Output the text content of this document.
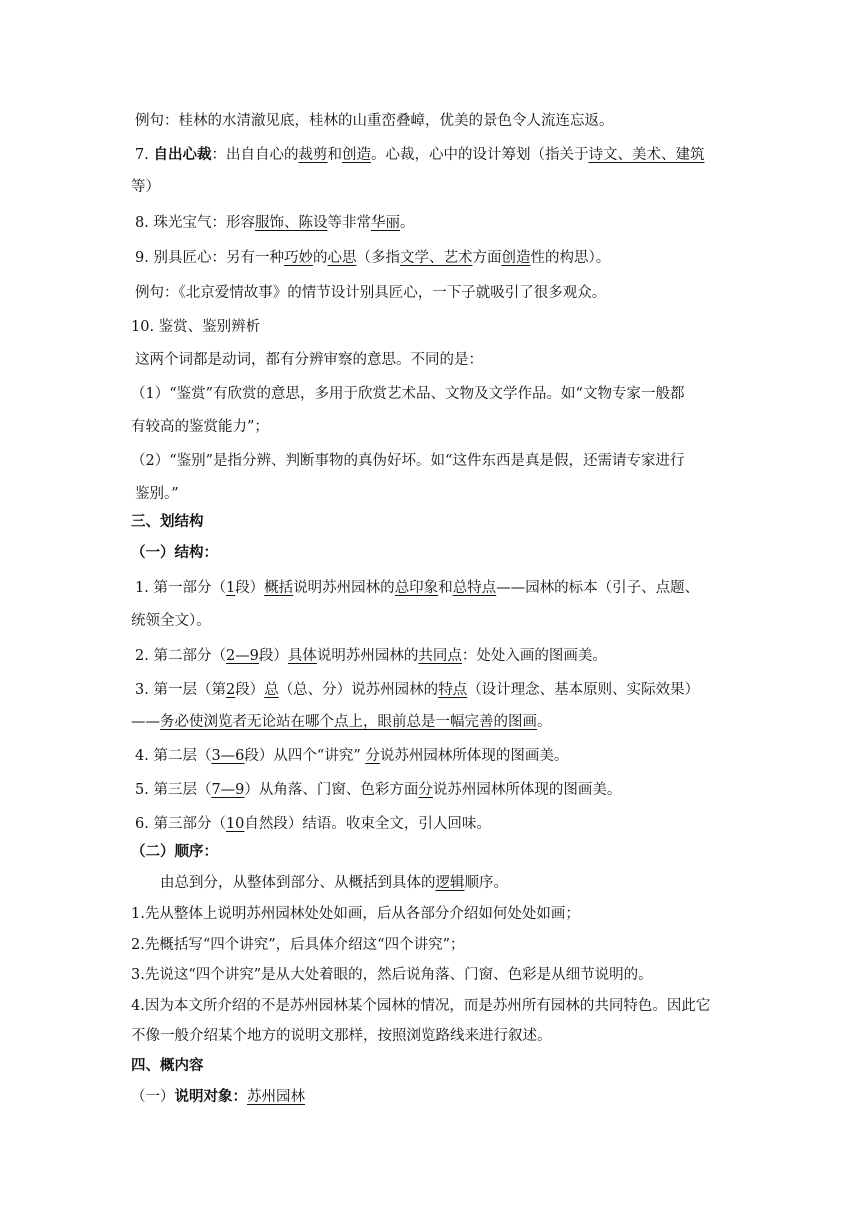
例句：桂林的水清澈见底，桂林的山重峦叠嶂，优美的景色令人流连忘返。
7. 自出心裁：出自自心的裁剪和创造。心裁，心中的设计筹划（指关于诗文、美术、建筑
等）
8. 珠光宝气：形容服饰、陈设等非常华丽。
9. 别具匠心：另有一种巧妙的心思（多指文学、艺术方面创造性的构思）。
例句：《北京爱情故事》的情节设计别具匠心，一下子就吸引了很多观众。
10. 鉴赏、鉴别辨析
这两个词都是动词，都有分辨审察的意思。不同的是：
（1）“鉴赏”有欣赏的意思，多用于欣赏艺术品、文物及文学作品。如“文物专家一般都
有较高的鉴赏能力”；
（2）“鉴别”是指分辨、判断事物的真伪好坏。如“这件东西是真是假，还需请专家进行
鉴别。”
三、划结构
（一）结构：
1. 第一部分（1段）概括说明苏州园林的总印象和总特点——园林的标本（引子、点题、
统领全文）。
2. 第二部分（2—9段）具体说明苏州园林的共同点：处处入画的图画美。
3. 第一层（第2段）总（总、分）说苏州园林的特点（设计理念、基本原则、实际效果）
——务必使浏览者无论站在哪个点上，眼前总是一幅完善的图画。
4. 第二层（3—6段）从四个“讲究” 分说苏州园林所体现的图画美。
5. 第三层（7—9）从角落、门窗、色彩方面分说苏州园林所体现的图画美。
6. 第三部分（10自然段）结语。收束全文，引人回味。
（二）顺序：
由总到分，从整体到部分、从概括到具体的逻辑顺序。
1.先从整体上说明苏州园林处处如画，后从各部分介绍如何处处如画；
2.先概括写“四个讲究”，后具体介绍这“四个讲究”；
3.先说这“四个讲究”是从大处着眼的，然后说角落、门窗、色彩是从细节说明的。
4.因为本文所介绍的不是苏州园林某个园林的情况，而是苏州所有园林的共同特色。因此它
不像一般介绍某个地方的说明文那样，按照浏览路线来进行叙述。
四、概内容
（一）说明对象：苏州园林
